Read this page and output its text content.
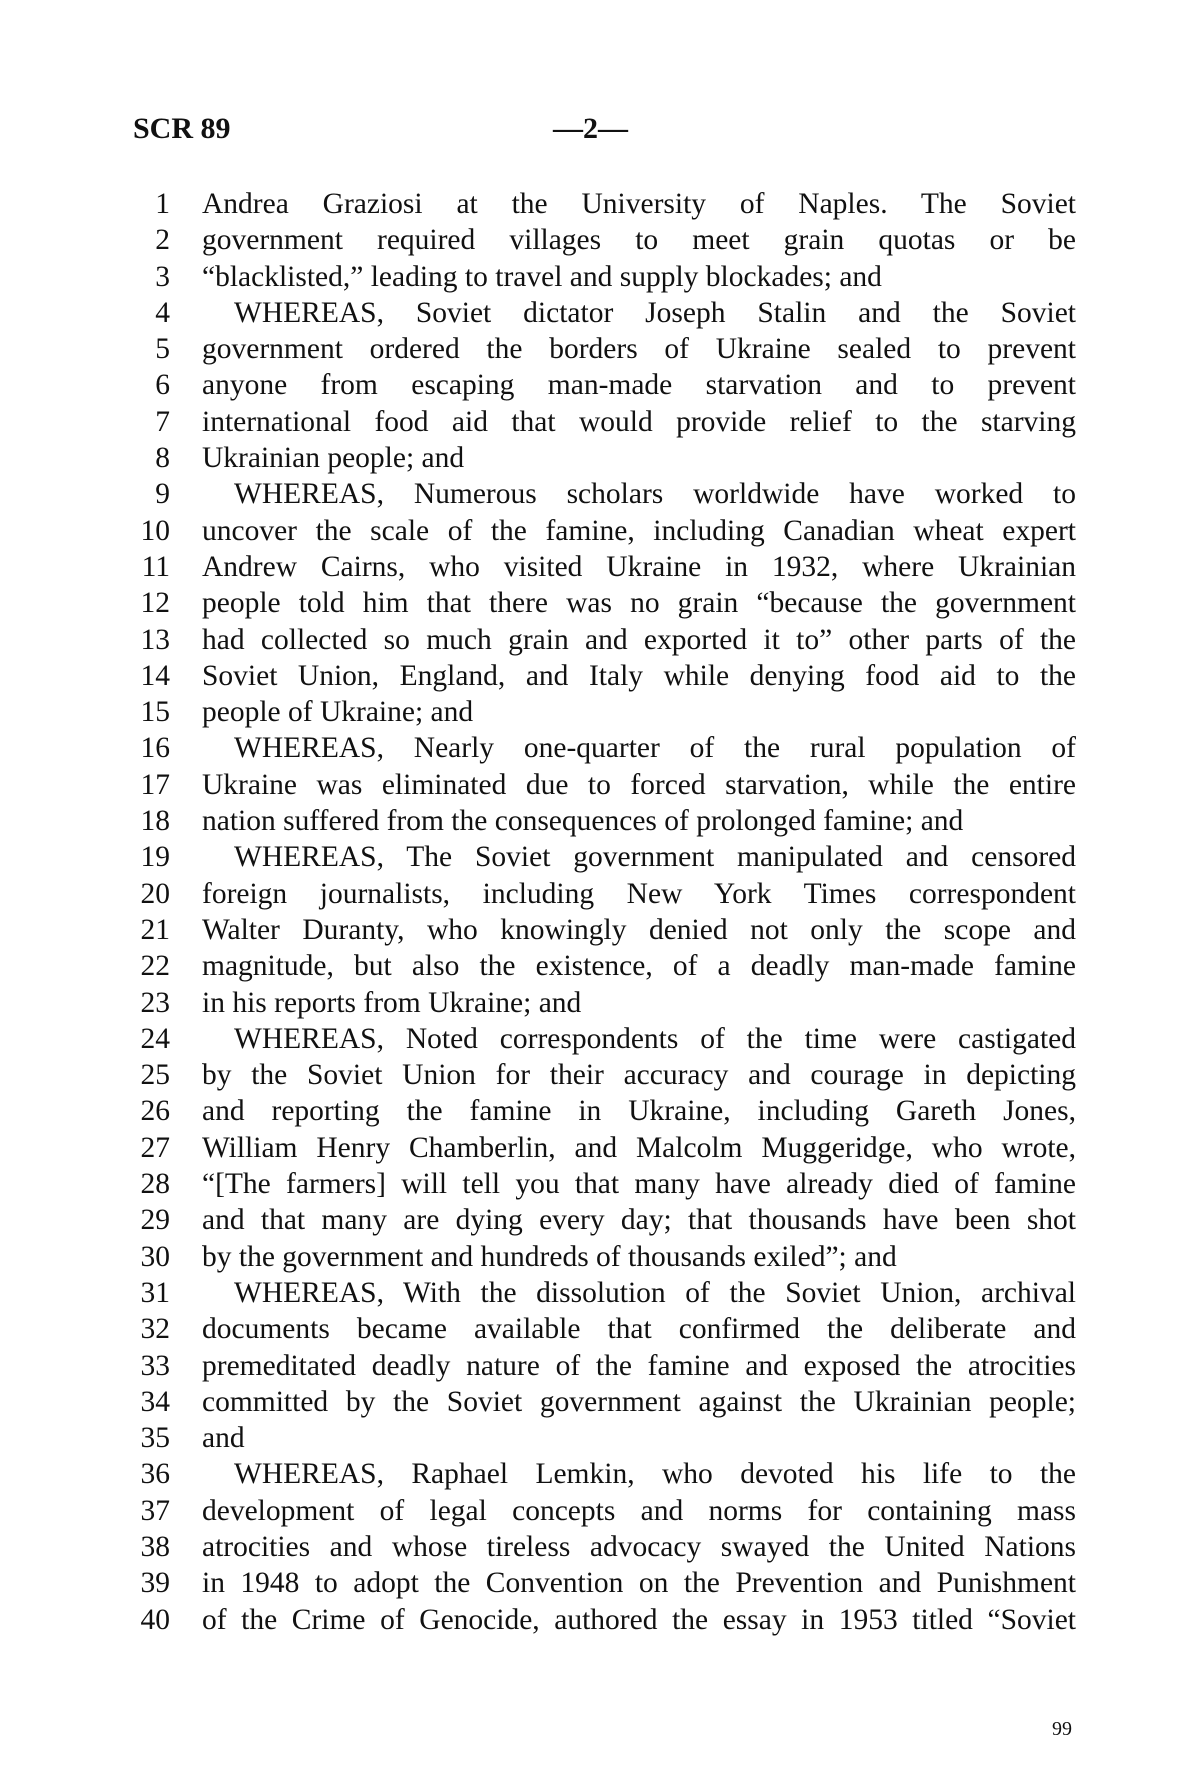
SCR 89	—2—
1 Andrea Graziosi at the University of Naples. The Soviet
2 government required villages to meet grain quotas or be
3 “blacklisted,” leading to travel and supply blockades; and
4	WHEREAS, Soviet dictator Joseph Stalin and the Soviet
5 government ordered the borders of Ukraine sealed to prevent
6 anyone from escaping man-made starvation and to prevent
7 international food aid that would provide relief to the starving
8 Ukrainian people; and
9	WHEREAS, Numerous scholars worldwide have worked to
10 uncover the scale of the famine, including Canadian wheat expert
11 Andrew Cairns, who visited Ukraine in 1932, where Ukrainian
12 people told him that there was no grain “because the government
13 had collected so much grain and exported it to” other parts of the
14 Soviet Union, England, and Italy while denying food aid to the
15 people of Ukraine; and
16	WHEREAS, Nearly one-quarter of the rural population of
17 Ukraine was eliminated due to forced starvation, while the entire
18 nation suffered from the consequences of prolonged famine; and
19	WHEREAS, The Soviet government manipulated and censored
20 foreign journalists, including New York Times correspondent
21 Walter Duranty, who knowingly denied not only the scope and
22 magnitude, but also the existence, of a deadly man-made famine
23 in his reports from Ukraine; and
24	WHEREAS, Noted correspondents of the time were castigated
25 by the Soviet Union for their accuracy and courage in depicting
26 and reporting the famine in Ukraine, including Gareth Jones,
27 William Henry Chamberlin, and Malcolm Muggeridge, who wrote,
28 “[The farmers] will tell you that many have already died of famine
29 and that many are dying every day; that thousands have been shot
30 by the government and hundreds of thousands exiled”; and
31	WHEREAS, With the dissolution of the Soviet Union, archival
32 documents became available that confirmed the deliberate and
33 premeditated deadly nature of the famine and exposed the atrocities
34 committed by the Soviet government against the Ukrainian people;
35 and
36	WHEREAS, Raphael Lemkin, who devoted his life to the
37 development of legal concepts and norms for containing mass
38 atrocities and whose tireless advocacy swayed the United Nations
39 in 1948 to adopt the Convention on the Prevention and Punishment
40 of the Crime of Genocide, authored the essay in 1953 titled “Soviet
99
